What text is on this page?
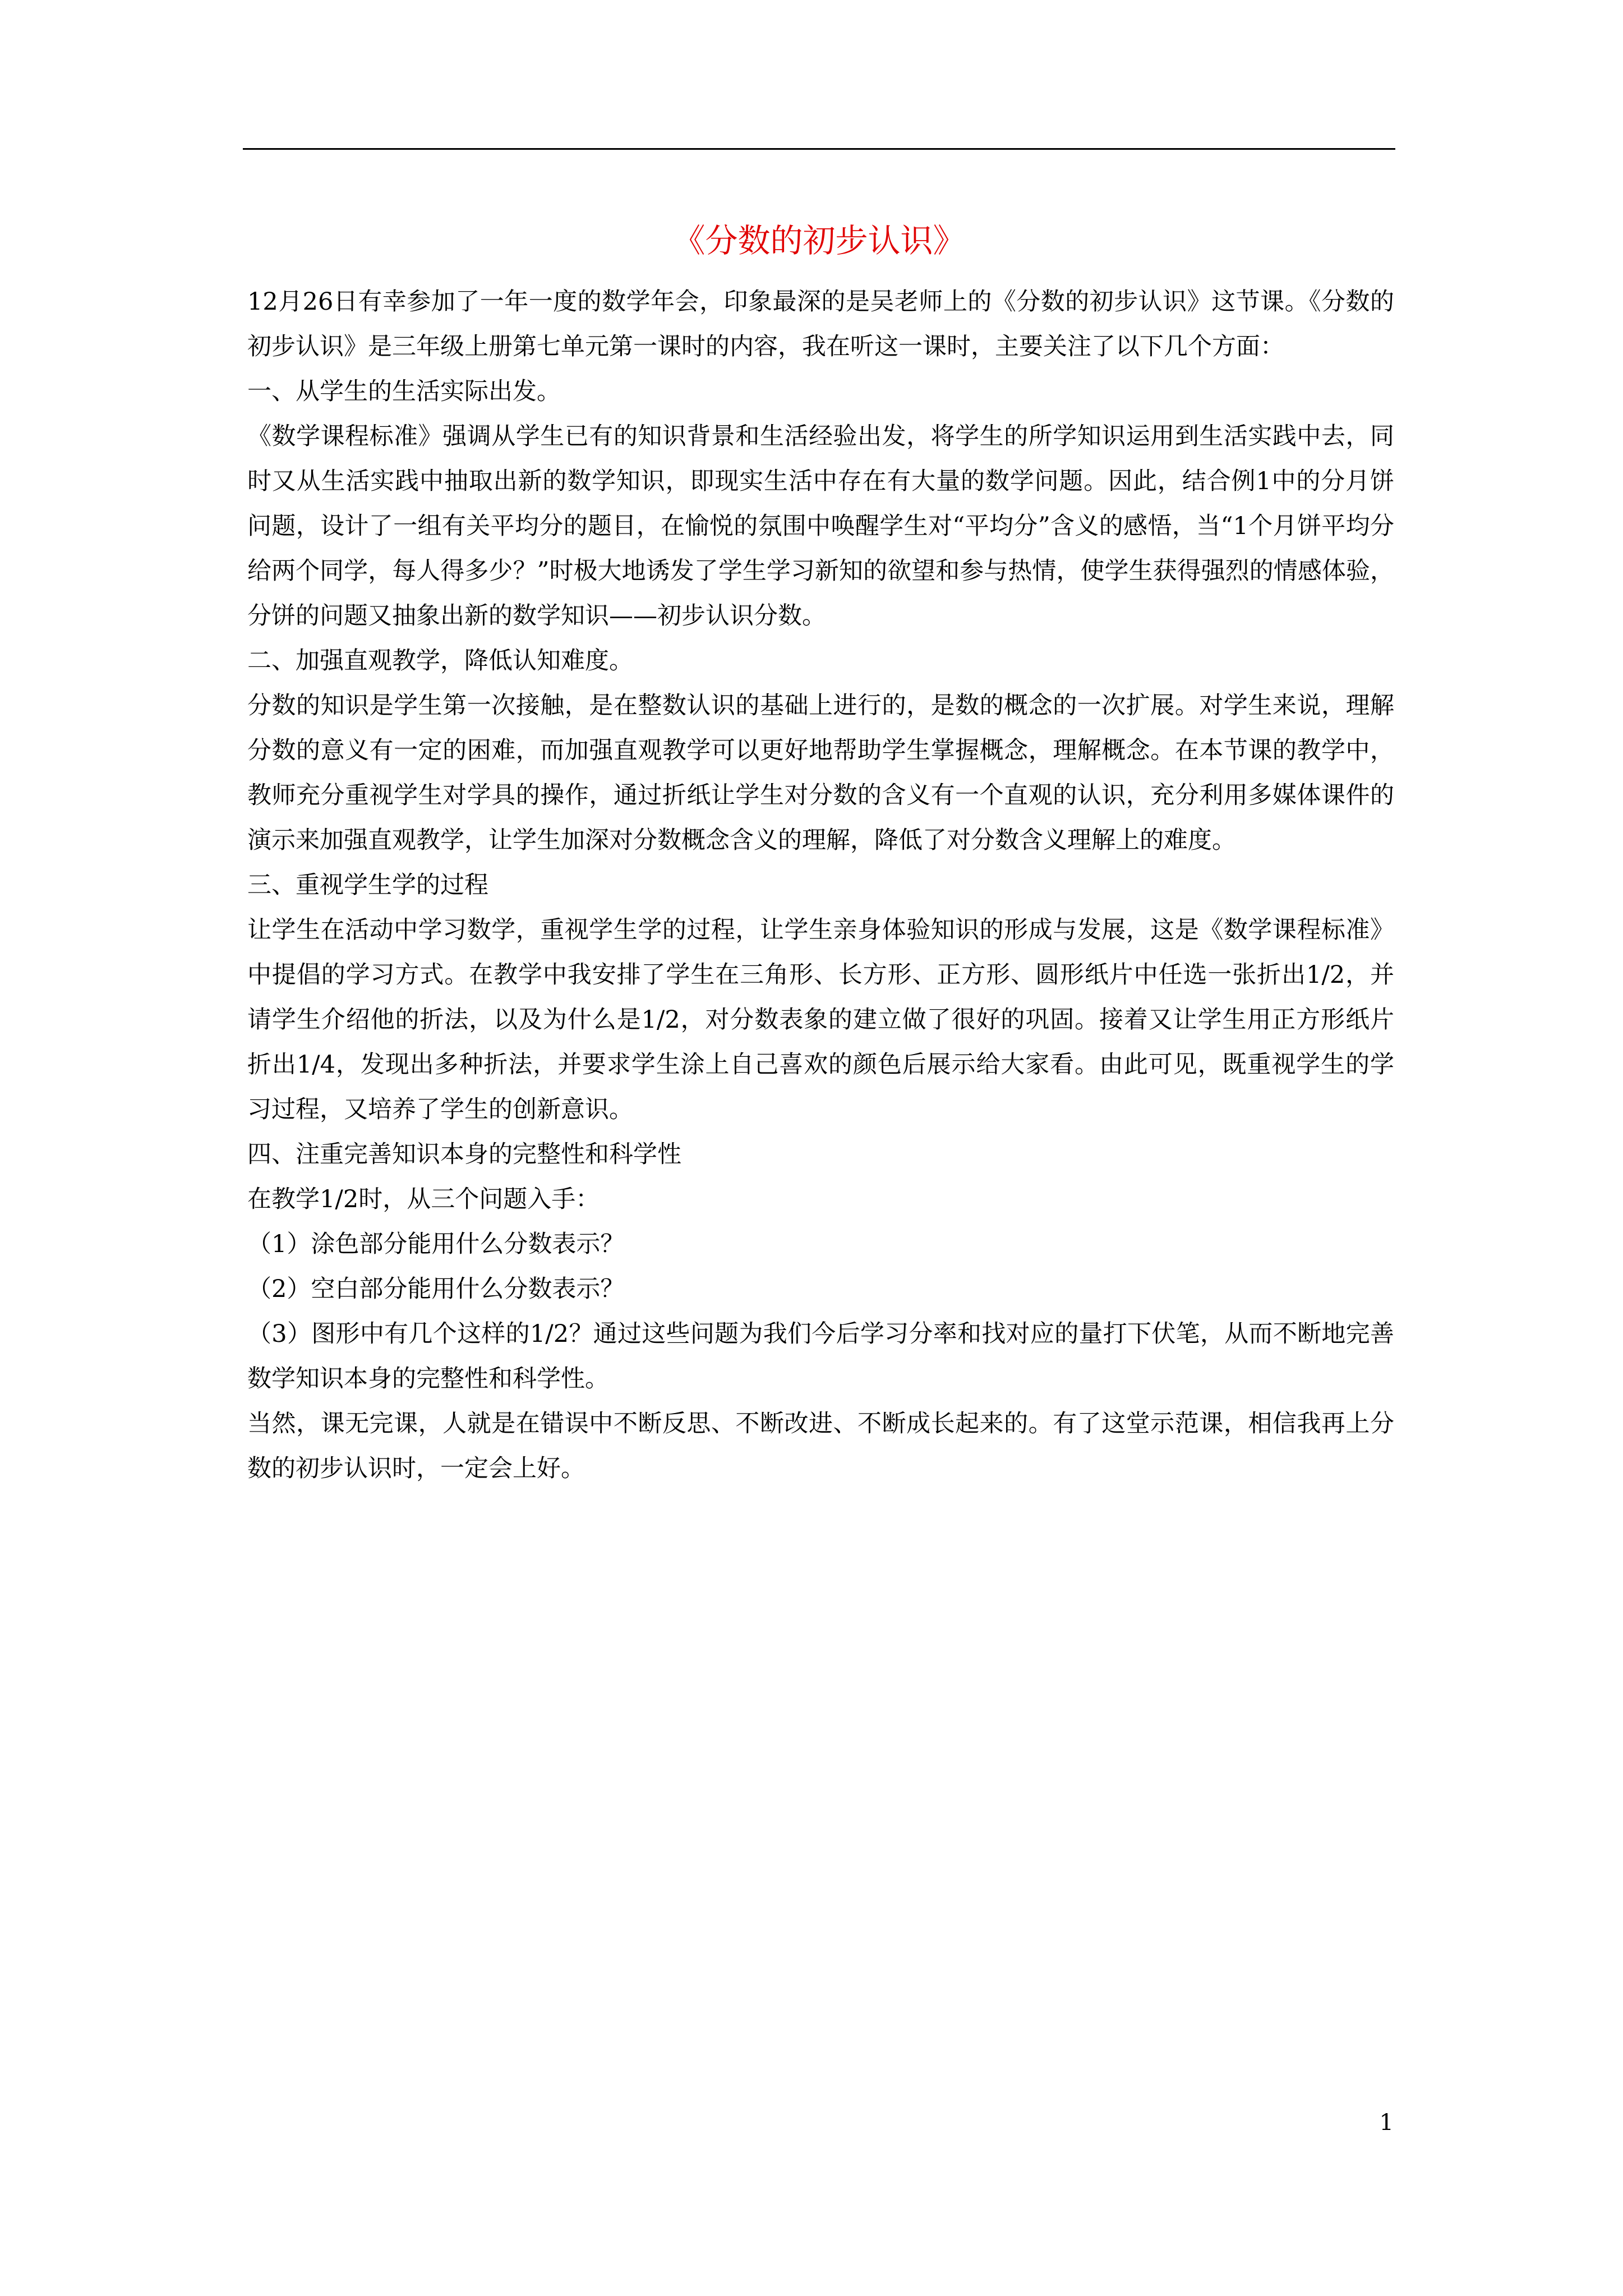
《分数的初步认识》

12月26日有幸参加了一年一度的数学年会，印象最深的是吴老师上的《分数的初步认识》这节课。《分数的初步认识》是三年级上册第七单元第一课时的内容，我在听这一课时，主要关注了以下几个方面：

一、从学生的生活实际出发。

《数学课程标准》强调从学生已有的知识背景和生活经验出发，将学生的所学知识运用到生活实践中去，同时又从生活实践中抽取出新的数学知识，即现实生活中存在有大量的数学问题。因此，结合例1中的分月饼问题，设计了一组有关平均分的题目，在愉悦的氛围中唤醒学生对“平均分”含义的感悟，当“1个月饼平均分给两个同学，每人得多少？”时极大地诱发了学生学习新知的欲望和参与热情，使学生获得强烈的情感体验，分饼的问题又抽象出新的数学知识——初步认识分数。

二、加强直观教学，降低认知难度。

分数的知识是学生第一次接触，是在整数认识的基础上进行的，是数的概念的一次扩展。对学生来说，理解分数的意义有一定的困难，而加强直观教学可以更好地帮助学生掌握概念，理解概念。在本节课的教学中，教师充分重视学生对学具的操作，通过折纸让学生对分数的含义有一个直观的认识，充分利用多媒体课件的演示来加强直观教学，让学生加深对分数概念含义的理解，降低了对分数含义理解上的难度。

三、重视学生学的过程

让学生在活动中学习数学，重视学生学的过程，让学生亲身体验知识的形成与发展，这是《数学课程标准》中提倡的学习方式。在教学中我安排了学生在三角形、长方形、正方形、圆形纸片中任选一张折出1/2，并请学生介绍他的折法，以及为什么是1/2，对分数表象的建立做了很好的巩固。接着又让学生用正方形纸片折出1/4，发现出多种折法，并要求学生涂上自己喜欢的颜色后展示给大家看。由此可见，既重视学生的学习过程，又培养了学生的创新意识。

四、注重完善知识本身的完整性和科学性

在教学1/2时，从三个问题入手：

（1）涂色部分能用什么分数表示？

（2）空白部分能用什么分数表示？

（3）图形中有几个这样的1/2？通过这些问题为我们今后学习分率和找对应的量打下伏笔，从而不断地完善数学知识本身的完整性和科学性。

当然，课无完课，人就是在错误中不断反思、不断改进、不断成长起来的。有了这堂示范课，相信我再上分数的初步认识时，一定会上好。

1
